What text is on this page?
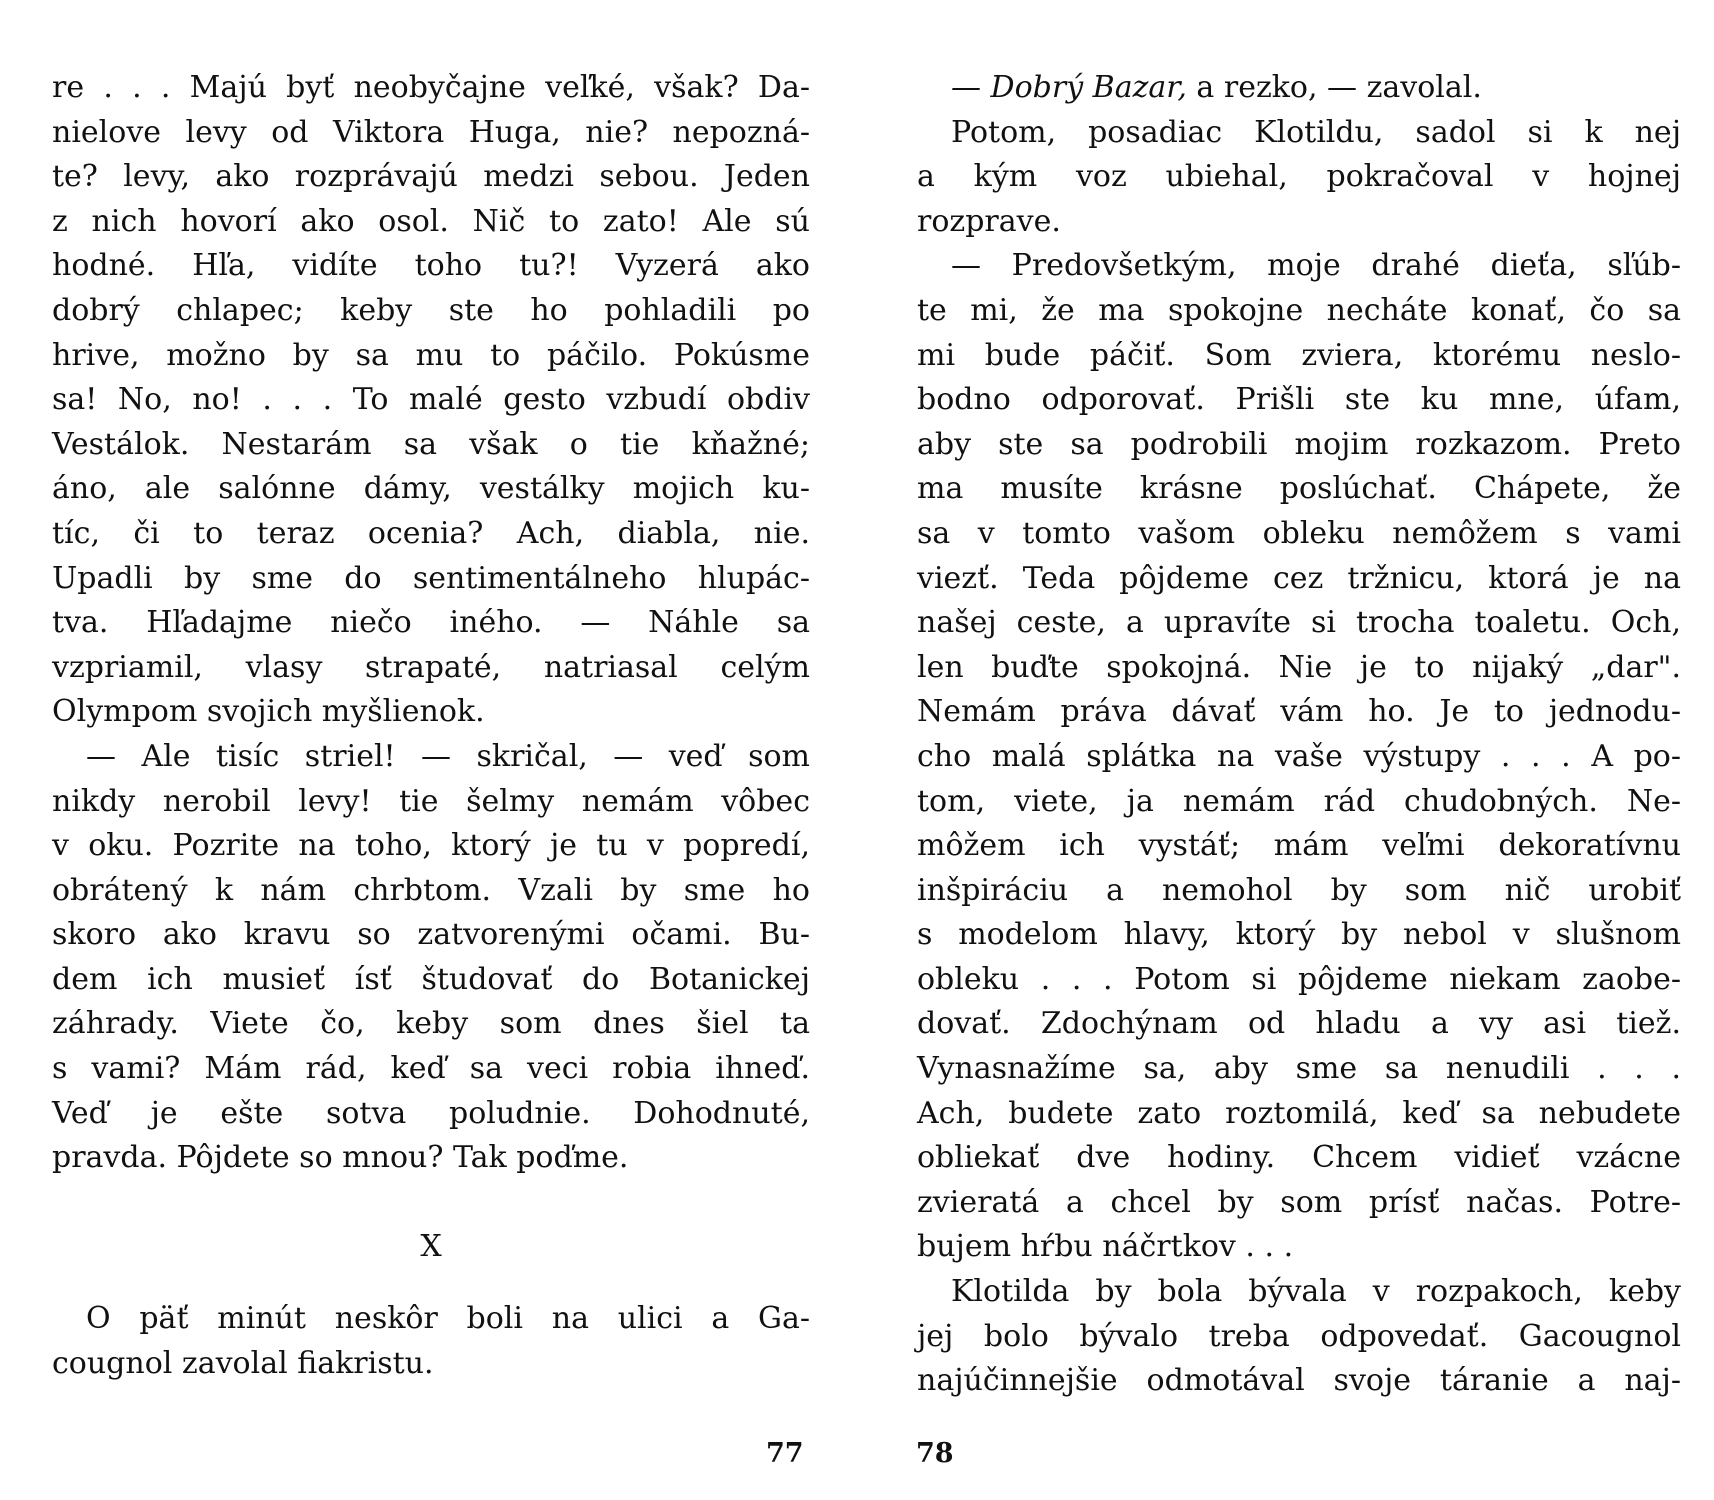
re . . . Majú byť neobyčajne veľké, však? Da-
nielove levy od Viktora Huga, nie? nepozná-
te? levy, ako rozprávajú medzi sebou. Jeden
z nich hovorí ako osol. Nič to zato! Ale sú
hodné. Hľa, vidíte toho tu?! Vyzerá ako
dobrý chlapec; keby ste ho pohladili po
hrive, možno by sa mu to páčilo. Pokúsme
sa! No, no! . . . To malé gesto vzbudí obdiv
Vestálok. Nestarám sa však o tie kňažné;
áno, ale salónne dámy, vestálky mojich ku-
tíc, či to teraz ocenia? Ach, diabla, nie.
Upadli by sme do sentimentálneho hlupác-
tva. Hľadajme niečo iného. — Náhle sa
vzpriamil, vlasy strapaté, natriasal celým
Olympom svojich myšlienok.
— Ale tisíc striel! — skričal, — veď som
nikdy nerobil levy! tie šelmy nemám vôbec
v oku. Pozrite na toho, ktorý je tu v popredí,
obrátený k nám chrbtom. Vzali by sme ho
skoro ako kravu so zatvorenými očami. Bu-
dem ich musieť ísť študovať do Botanickej
záhrady. Viete čo, keby som dnes šiel ta
s vami? Mám rád, keď sa veci robia ihneď.
Veď je ešte sotva poludnie. Dohodnuté,
pravda. Pôjdete so mnou? Tak poďme.
X
O päť minút neskôr boli na ulici a Ga-
cougnol zavolal fiakristu.
77
— Dobrý Bazar, a rezko, — zavolal.
Potom, posadiac Klotildu, sadol si k nej
a kým voz ubiehal, pokračoval v hojnej
rozprave.
— Predovšetkým, moje drahé dieťa, sľúb-
te mi, že ma spokojne necháte konať, čo sa
mi bude páčiť. Som zviera, ktorému neslo-
bodno odporovať. Prišli ste ku mne, úfam,
aby ste sa podrobili mojim rozkazom. Preto
ma musíte krásne poslúchať. Chápete, že
sa v tomto vašom obleku nemôžem s vami
viezť. Teda pôjdeme cez tržnicu, ktorá je na
našej ceste, a upravíte si trocha toaletu. Och,
len buďte spokojná. Nie je to nijaký „dar".
Nemám práva dávať vám ho. Je to jednodu-
cho malá splátka na vaše výstupy . . . A po-
tom, viete, ja nemám rád chudobných. Ne-
môžem ich vystáť; mám veľmi dekoratívnu
inšpiráciu a nemohol by som nič urobiť
s modelom hlavy, ktorý by nebol v slušnom
obleku . . . Potom si pôjdeme niekam zaobe-
dovať. Zdochýnam od hladu a vy asi tiež.
Vynasnažíme sa, aby sme sa nenudili . . .
Ach, budete zato roztomilá, keď sa nebudete
obliekať dve hodiny. Chcem vidieť vzácne
zvieratá a chcel by som prísť načas. Potre-
bujem hŕbu náčrtkov . . .
Klotilda by bola bývala v rozpakoch, keby
jej bolo bývalo treba odpovedať. Gacougnol
najúčinnejšie odmotával svoje táranie a naj-
78
